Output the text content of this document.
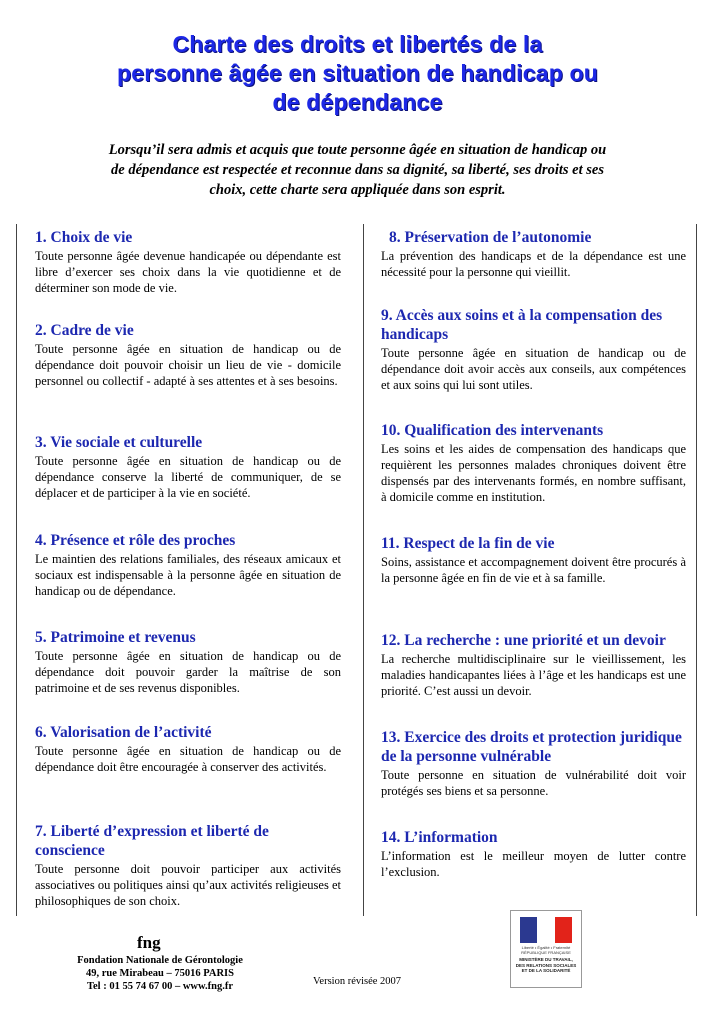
Charte des droits et libertés de la
personne âgée en situation de handicap ou
de dépendance
Lorsqu’il sera admis et acquis que toute personne âgée en situation de handicap ou
de dépendance est respectée et reconnue dans sa dignité, sa liberté, ses droits et ses
choix, cette charte sera appliquée dans son esprit.
1. Choix de vie

Toute personne âgée devenue handicapée ou dépendante est libre d’exercer ses choix dans la vie quotidienne et de déterminer son mode de vie.

2. Cadre de vie

Toute personne âgée en situation de handicap ou de dépendance doit pouvoir choisir un lieu de vie - domicile personnel ou collectif - adapté à ses attentes et à ses besoins.

3. Vie sociale et culturelle

Toute personne âgée en situation de handicap ou de dépendance conserve la liberté de communiquer, de se déplacer et de participer à la vie en société.

4. Présence et rôle des proches

Le maintien des relations familiales, des réseaux amicaux et sociaux est indispensable à la personne âgée en situation de handicap ou de dépendance.

5. Patrimoine et revenus

Toute personne âgée en situation de handicap ou de dépendance doit pouvoir garder la maîtrise de son patrimoine et de ses revenus disponibles.

6. Valorisation de l’activité

Toute personne âgée en situation de handicap ou de dépendance doit être encouragée à conserver des activités.

7. Liberté d’expression et liberté de conscience

Toute personne doit pouvoir participer aux activités associatives ou politiques ainsi qu’aux activités religieuses et philosophiques de son choix.

8. Préservation de l’autonomie

La prévention des handicaps et de la dépendance est une nécessité pour la personne qui vieillit.

9. Accès aux soins et à la compensation des handicaps

Toute personne âgée en situation de handicap ou de dépendance doit avoir accès aux conseils, aux compétences et aux soins qui lui sont utiles.

10. Qualification des intervenants

Les soins et les aides de compensation des handicaps que requièrent les personnes malades chroniques doivent être dispensés par des intervenants formés, en nombre suffisant, à domicile comme en institution.

11. Respect de la fin de vie

Soins, assistance et accompagnement doivent être procurés à la personne âgée en fin de vie et à sa famille.

12. La recherche : une priorité et un devoir

La recherche multidisciplinaire sur le vieillissement, les maladies handicapantes liées à l’âge et les handicaps est une priorité. C’est aussi un devoir.

13. Exercice des droits et protection juridique de la personne vulnérable

Toute personne en situation de vulnérabilité doit voir protégés ses biens et sa personne.

14. L’information

L’information est le meilleur moyen de lutter contre l’exclusion.

fng
Fondation Nationale de Gérontologie
49, rue Mirabeau – 75016 PARIS
Tel : 01 55 74 67 00 – www.fng.fr	Version révisée 2007
Liberté • Égalité • Fraternité
RÉPUBLIQUE FRANÇAISE
MINISTÈRE DU TRAVAIL,
DES RELATIONS SOCIALES
ET DE LA SOLIDARITÉ
